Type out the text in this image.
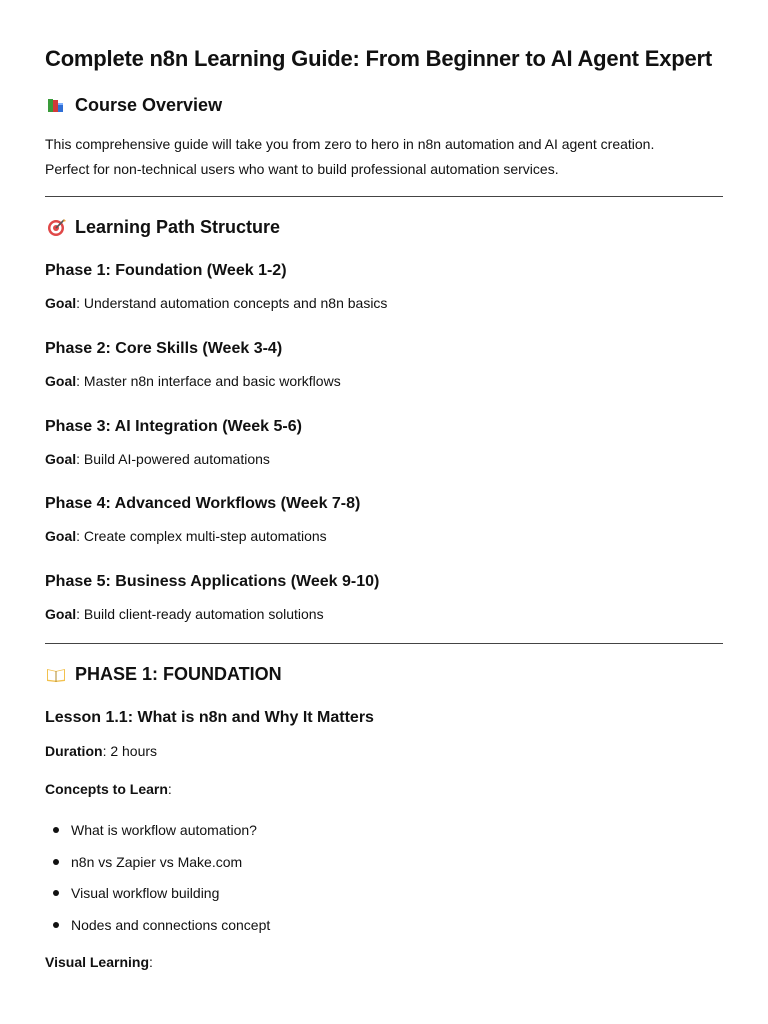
Complete n8n Learning Guide: From Beginner to AI Agent Expert
Course Overview
This comprehensive guide will take you from zero to hero in n8n automation and AI agent creation.
Perfect for non-technical users who want to build professional automation services.
Learning Path Structure
Phase 1: Foundation (Week 1-2)
Goal: Understand automation concepts and n8n basics
Phase 2: Core Skills (Week 3-4)
Goal: Master n8n interface and basic workflows
Phase 3: AI Integration (Week 5-6)
Goal: Build AI-powered automations
Phase 4: Advanced Workflows (Week 7-8)
Goal: Create complex multi-step automations
Phase 5: Business Applications (Week 9-10)
Goal: Build client-ready automation solutions
PHASE 1: FOUNDATION
Lesson 1.1: What is n8n and Why It Matters
Duration: 2 hours
Concepts to Learn:
What is workflow automation?
n8n vs Zapier vs Make.com
Visual workflow building
Nodes and connections concept
Visual Learning:
